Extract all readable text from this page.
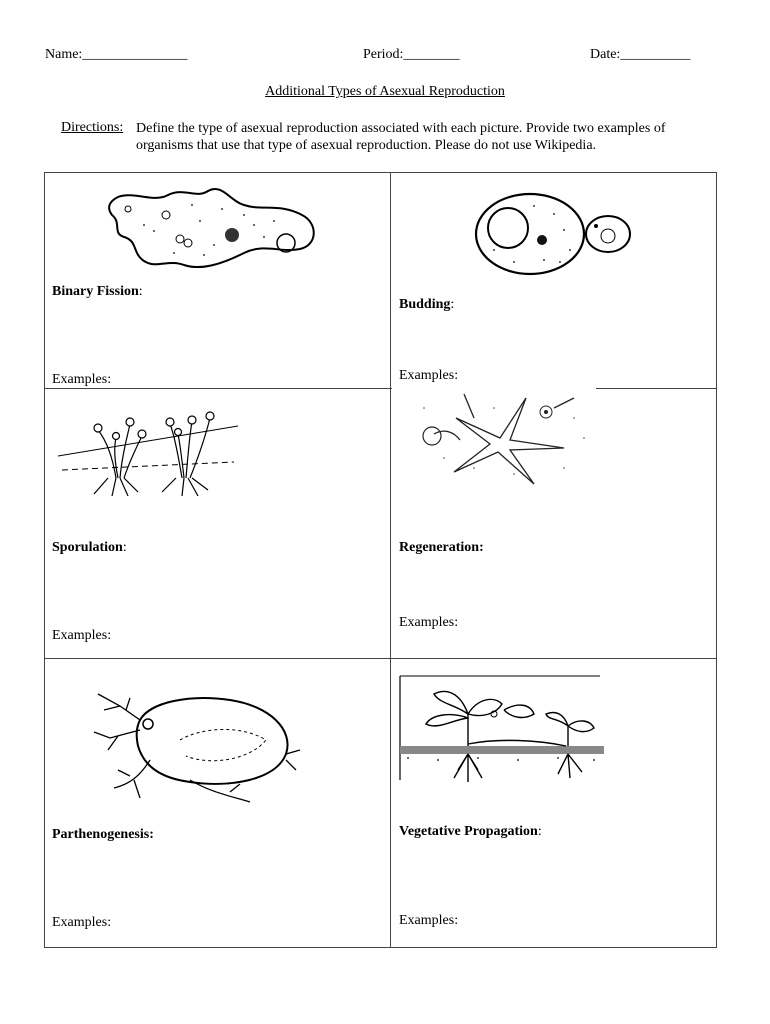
Name:_______________	Period:________	Date:__________
Additional Types of Asexual Reproduction
Directions: Define the type of asexual reproduction associated with each picture. Provide two examples of
organisms that use that type of asexual reproduction. Please do not use Wikipedia.
Binary Fission:
Examples:
Budding:
Examples:
Sporulation:
Examples:
Regeneration:
Examples:
Parthenogenesis:
Examples:
Vegetative Propagation:
Examples:
